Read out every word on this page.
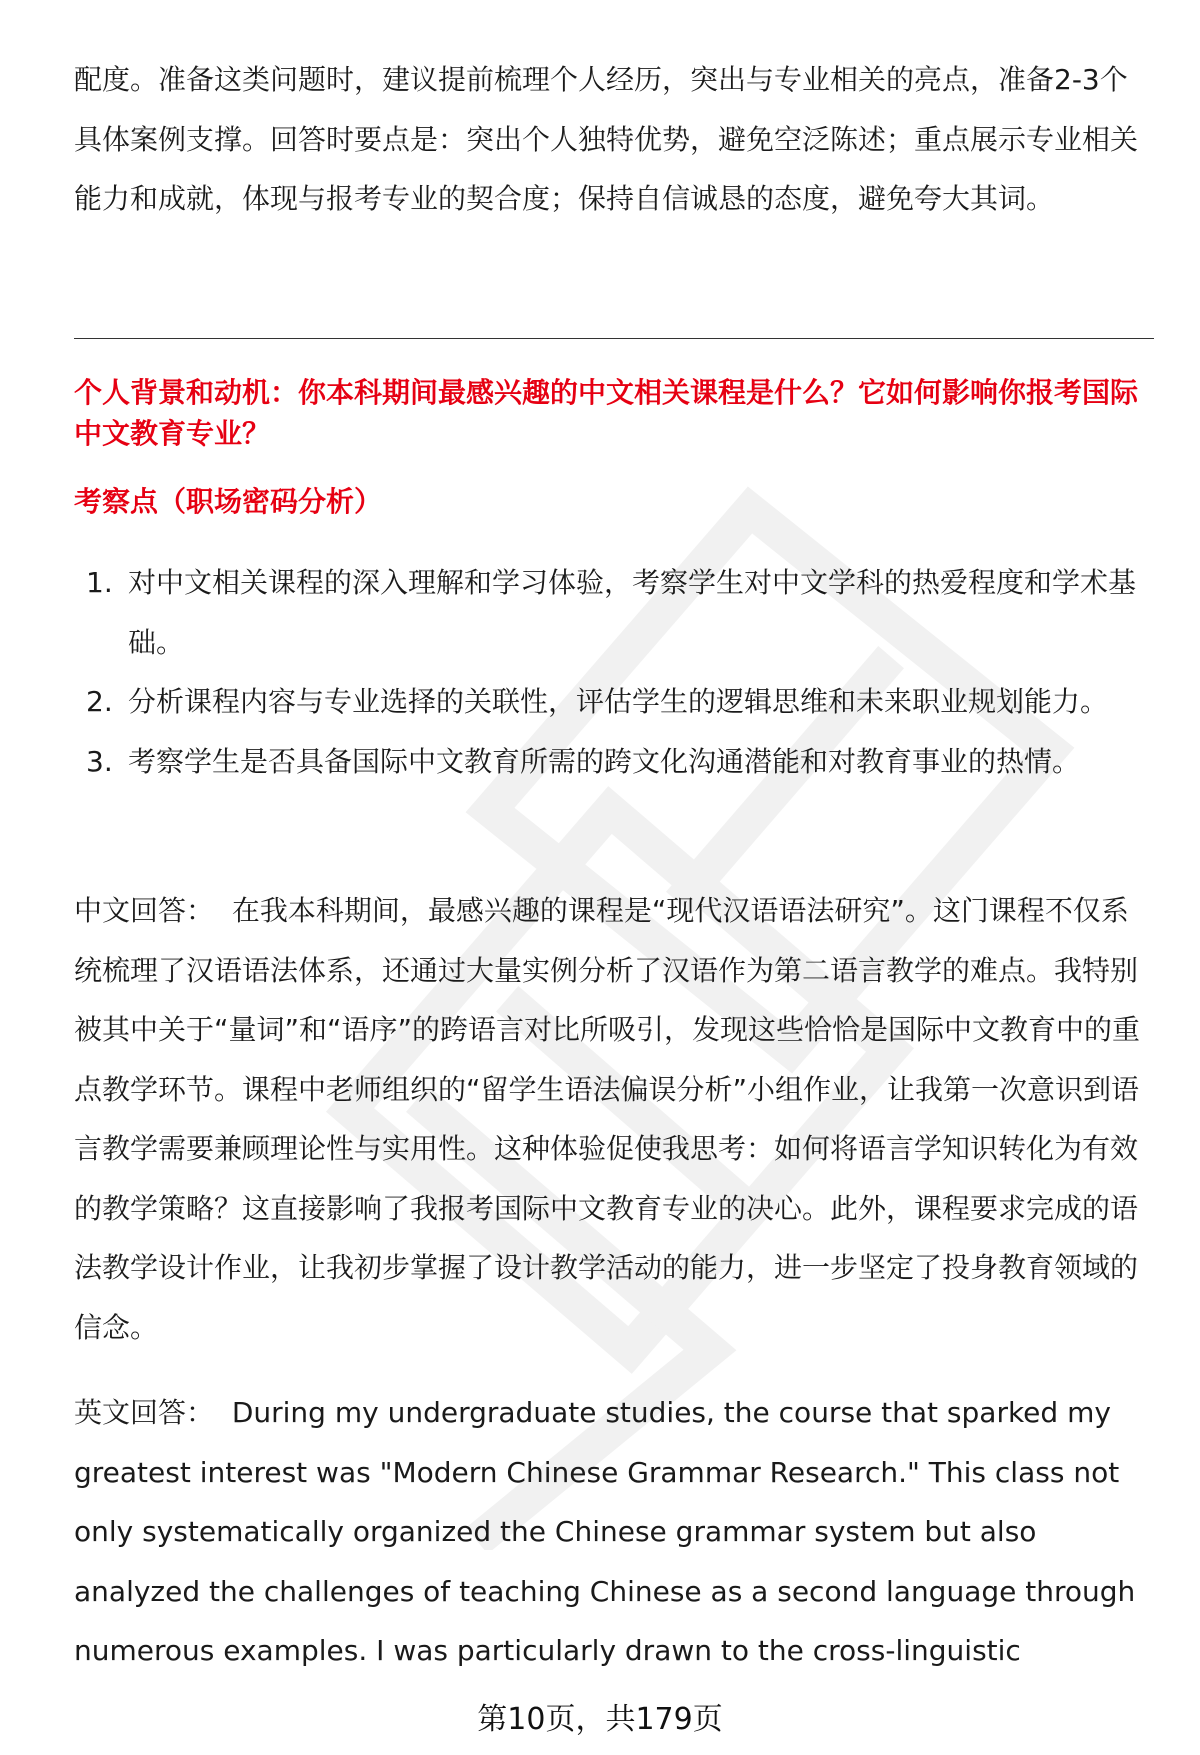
配度。准备这类问题时，建议提前梳理个人经历，突出与专业相关的亮点，准备2-3个具体案例支撑。回答时要点是：突出个人独特优势，避免空泛陈述；重点展示专业相关能力和成就，体现与报考专业的契合度；保持自信诚恳的态度，避免夸大其词。

个人背景和动机：你本科期间最感兴趣的中文相关课程是什么？它如何影响你报考国际中文教育专业？
考察点（职场密码分析）
1. 对中文相关课程的深入理解和学习体验，考察学生对中文学科的热爱程度和学术基础。
2. 分析课程内容与专业选择的关联性，评估学生的逻辑思维和未来职业规划能力。
3. 考察学生是否具备国际中文教育所需的跨文化沟通潜能和对教育事业的热情。

中文回答： 在我本科期间，最感兴趣的课程是“现代汉语语法研究”。这门课程不仅系统梳理了汉语语法体系，还通过大量实例分析了汉语作为第二语言教学的难点。我特别被其中关于“量词”和“语序”的跨语言对比所吸引，发现这些恰恰是国际中文教育中的重点教学环节。课程中老师组织的“留学生语法偏误分析”小组作业，让我第一次意识到语言教学需要兼顾理论性与实用性。这种体验促使我思考：如何将语言学知识转化为有效的教学策略？这直接影响了我报考国际中文教育专业的决心。此外，课程要求完成的语法教学设计作业，让我初步掌握了设计教学活动的能力，进一步坚定了投身教育领域的信念。

英文回答： During my undergraduate studies, the course that sparked my greatest interest was "Modern Chinese Grammar Research." This class not only systematically organized the Chinese grammar system but also analyzed the challenges of teaching Chinese as a second language through numerous examples. I was particularly drawn to the cross-linguistic

第10页，共179页
